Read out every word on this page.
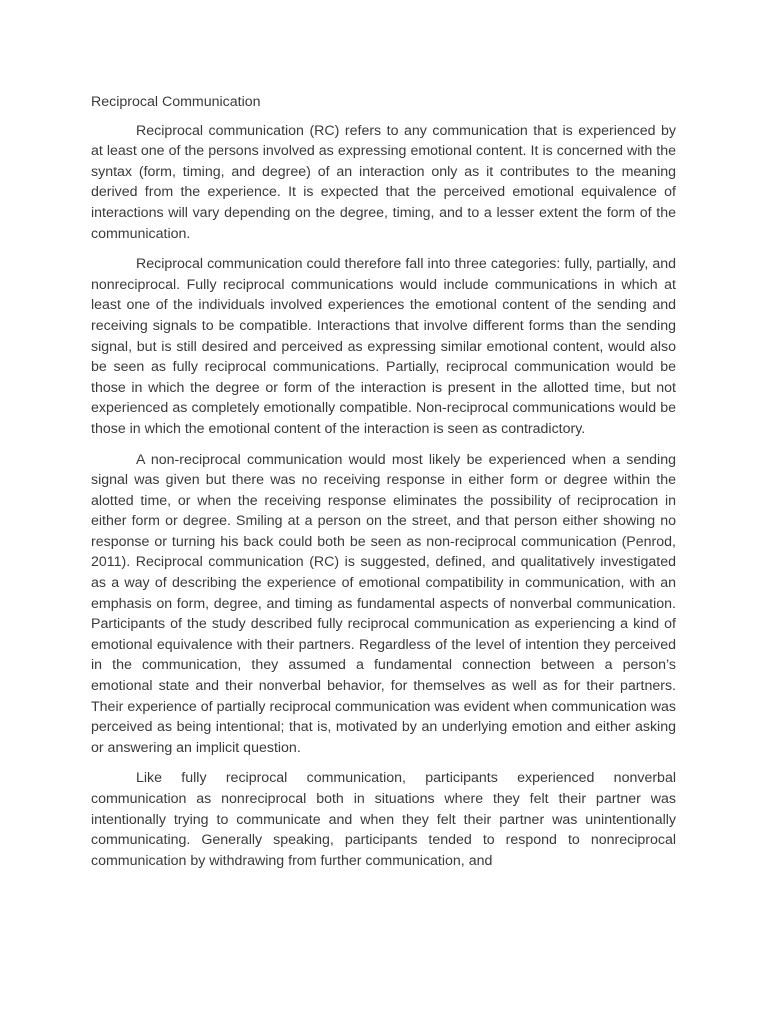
Reciprocal Communication

Reciprocal communication (RC) refers to any communication that is experienced by at least one of the persons involved as expressing emotional content. It is concerned with the syntax (form, timing, and degree) of an interaction only as it contributes to the meaning derived from the experience. It is expected that the perceived emotional equivalence of interactions will vary depending on the degree, timing, and to a lesser extent the form of the communication.

Reciprocal communication could therefore fall into three categories: fully, partially, and nonreciprocal. Fully reciprocal communications would include communications in which at least one of the individuals involved experiences the emotional content of the sending and receiving signals to be compatible. Interactions that involve different forms than the sending signal, but is still desired and perceived as expressing similar emotional content, would also be seen as fully reciprocal communications. Partially, reciprocal communication would be those in which the degree or form of the interaction is present in the allotted time, but not experienced as completely emotionally compatible. Non-reciprocal communications would be those in which the emotional content of the interaction is seen as contradictory.

A non-reciprocal communication would most likely be experienced when a sending signal was given but there was no receiving response in either form or degree within the alotted time, or when the receiving response eliminates the possibility of reciprocation in either form or degree. Smiling at a person on the street, and that person either showing no response or turning his back could both be seen as non-reciprocal communication (Penrod, 2011). Reciprocal communication (RC) is suggested, defined, and qualitatively investigated as a way of describing the experience of emotional compatibility in communication, with an emphasis on form, degree, and timing as fundamental aspects of nonverbal communication. Participants of the study described fully reciprocal communication as experiencing a kind of emotional equivalence with their partners. Regardless of the level of intention they perceived in the communication, they assumed a fundamental connection between a person’s emotional state and their nonverbal behavior, for themselves as well as for their partners. Their experience of partially reciprocal communication was evident when communication was perceived as being intentional; that is, motivated by an underlying emotion and either asking or answering an implicit question.

Like fully reciprocal communication, participants experienced nonverbal communication as nonreciprocal both in situations where they felt their partner was intentionally trying to communicate and when they felt their partner was unintentionally communicating. Generally speaking, participants tended to respond to nonreciprocal communication by withdrawing from further communication, and
